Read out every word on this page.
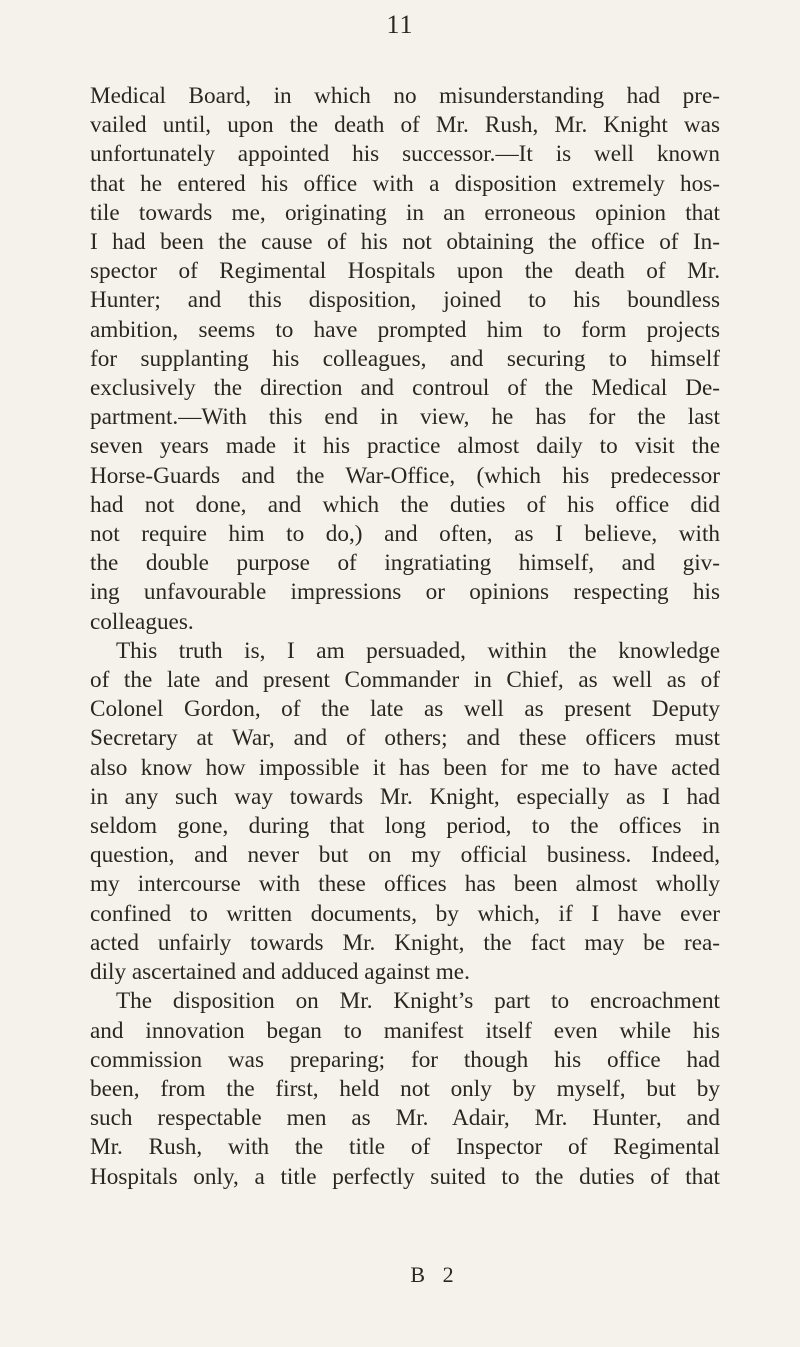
11
Medical Board, in which no misunderstanding had pre-
vailed until, upon the death of Mr. Rush, Mr. Knight was
unfortunately appointed his successor.—It is well known
that he entered his office with a disposition extremely hos-
tile towards me, originating in an erroneous opinion that
I had been the cause of his not obtaining the office of In-
spector of Regimental Hospitals upon the death of Mr.
Hunter; and this disposition, joined to his boundless
ambition, seems to have prompted him to form projects
for supplanting his colleagues, and securing to himself
exclusively the direction and controul of the Medical De-
partment.—With this end in view, he has for the last
seven years made it his practice almost daily to visit the
Horse-Guards and the War-Office, (which his predecessor
had not done, and which the duties of his office did
not require him to do,) and often, as I believe, with
the double purpose of ingratiating himself, and giv-
ing unfavourable impressions or opinions respecting his
colleagues.
This truth is, I am persuaded, within the knowledge
of the late and present Commander in Chief, as well as of
Colonel Gordon, of the late as well as present Deputy
Secretary at War, and of others; and these officers must
also know how impossible it has been for me to have acted
in any such way towards Mr. Knight, especially as I had
seldom gone, during that long period, to the offices in
question, and never but on my official business. Indeed,
my intercourse with these offices has been almost wholly
confined to written documents, by which, if I have ever
acted unfairly towards Mr. Knight, the fact may be rea-
dily ascertained and adduced against me.
The disposition on Mr. Knight’s part to encroachment
and innovation began to manifest itself even while his
commission was preparing; for though his office had
been, from the first, held not only by myself, but by
such respectable men as Mr. Adair, Mr. Hunter, and
Mr. Rush, with the title of Inspector of Regimental
Hospitals only, a title perfectly suited to the duties of that
B 2
